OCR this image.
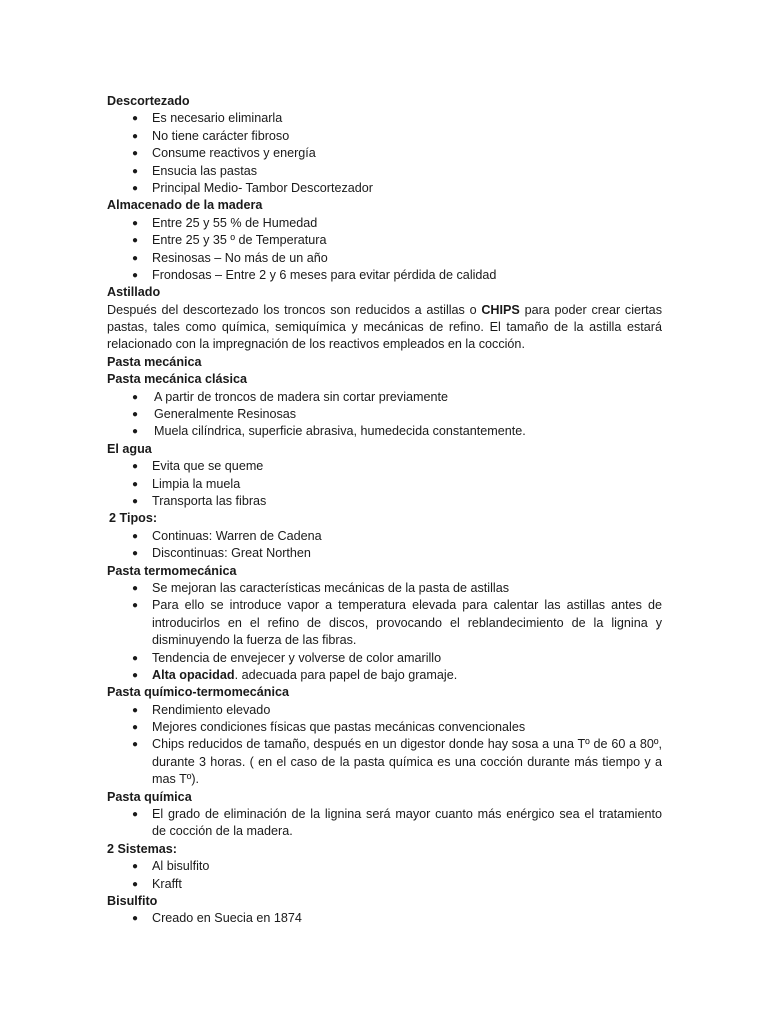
Descortezado
● Es necesario eliminarla
● No tiene carácter fibroso
● Consume reactivos y energía
● Ensucia las pastas
● Principal Medio- Tambor Descortezador
Almacenado de la madera
● Entre 25 y 55 % de Humedad
● Entre 25 y 35 º de Temperatura
● Resinosas – No más de un año
● Frondosas – Entre 2 y 6 meses para evitar pérdida de calidad
Astillado
Después del descortezado los troncos son reducidos a astillas o CHIPS para poder crear ciertas
pastas, tales como química, semiquímica y mecánicas de refino. El tamaño de la astilla estará
relacionado con la impregnación de los reactivos empleados en la cocción.
Pasta mecánica
Pasta mecánica clásica
● A partir de troncos de madera sin cortar previamente
● Generalmente Resinosas
● Muela cilíndrica, superficie abrasiva, humedecida constantemente.
El agua
● Evita que se queme
● Limpia la muela
● Transporta las fibras
2 Tipos:
● Continuas: Warren de Cadena
● Discontinuas: Great Northen
Pasta termomecánica
● Se mejoran las características mecánicas de la pasta de astillas
● Para ello se introduce vapor a temperatura elevada para calentar las astillas antes de
introducirlos en el refino de discos, provocando el reblandecimiento de la lignina y
disminuyendo la fuerza de las fibras.
● Tendencia de envejecer y volverse de color amarillo
● Alta opacidad. adecuada para papel de bajo gramaje.
Pasta químico-termomecánica
● Rendimiento elevado
● Mejores condiciones físicas que pastas mecánicas convencionales
● Chips reducidos de tamaño, después en un digestor donde hay sosa a una Tº de 60 a 80º,
durante 3 horas. ( en el caso de la pasta química es una cocción durante más tiempo y a
mas Tº).
Pasta química
● El grado de eliminación de la lignina será mayor cuanto más enérgico sea el tratamiento
de cocción de la madera.
2 Sistemas:
● Al bisulfito
● Krafft
Bisulfito
● Creado en Suecia en 1874
